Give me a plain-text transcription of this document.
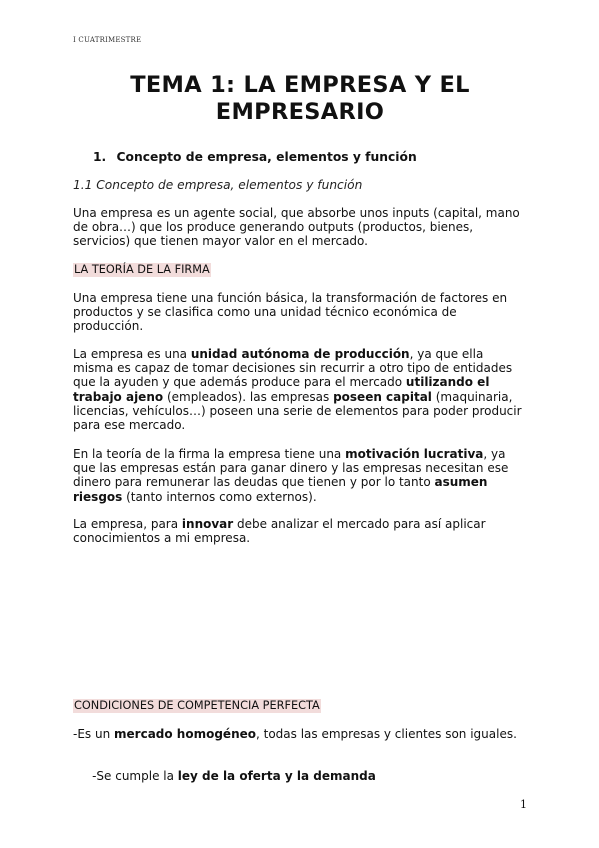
I CUATRIMESTRE
TEMA 1: LA EMPRESA Y EL
EMPRESARIO
1. Concepto de empresa, elementos y función
1.1 Concepto de empresa, elementos y función
Una empresa es un agente social, que absorbe unos inputs (capital, mano
de obra…) que los produce generando outputs (productos, bienes,
servicios) que tienen mayor valor en el mercado.
LA TEORÍA DE LA FIRMA
Una empresa tiene una función básica, la transformación de factores en
productos y se clasifica como una unidad técnico económica de
producción.
La empresa es una unidad autónoma de producción, ya que ella
misma es capaz de tomar decisiones sin recurrir a otro tipo de entidades
que la ayuden y que además produce para el mercado utilizando el
trabajo ajeno (empleados). las empresas poseen capital (maquinaria,
licencias, vehículos…) poseen una serie de elementos para poder producir
para ese mercado.
En la teoría de la firma la empresa tiene una motivación lucrativa, ya
que las empresas están para ganar dinero y las empresas necesitan ese
dinero para remunerar las deudas que tienen y por lo tanto asumen
riesgos (tanto internos como externos).
La empresa, para innovar debe analizar el mercado para así aplicar
conocimientos a mi empresa.
CONDICIONES DE COMPETENCIA PERFECTA
-Es un mercado homogéneo, todas las empresas y clientes son iguales.

-Se cumple la ley de la oferta y la demanda

1
